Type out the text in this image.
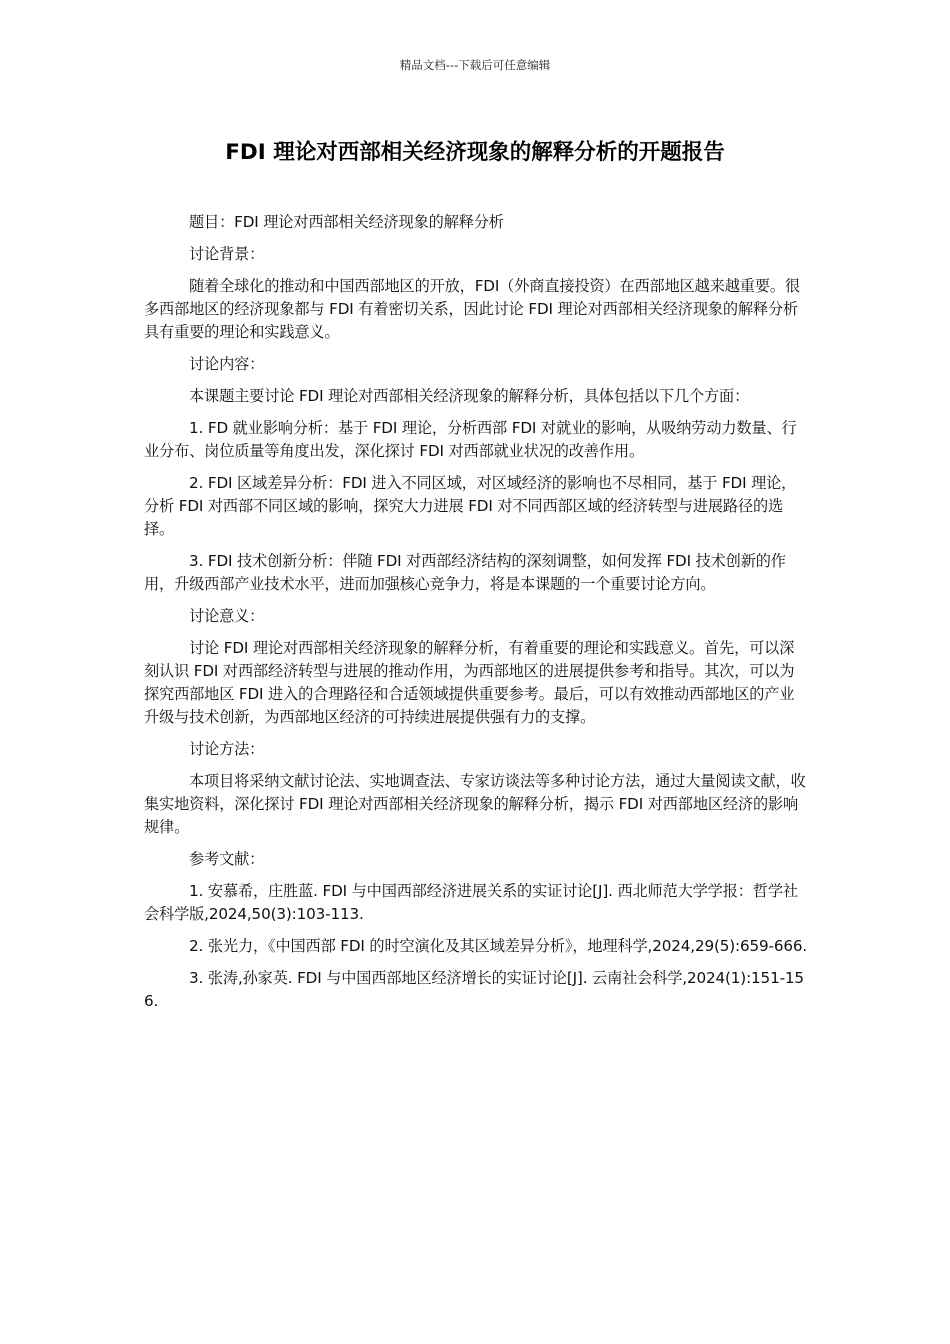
精品文档---下载后可任意编辑
FDI 理论对西部相关经济现象的解释分析的开题报告

题目：FDI 理论对西部相关经济现象的解释分析

讨论背景：

随着全球化的推动和中国西部地区的开放，FDI（外商直接投资）在西部地区越来越重要。很多西部地区的经济现象都与 FDI 有着密切关系，因此讨论 FDI 理论对西部相关经济现象的解释分析具有重要的理论和实践意义。

讨论内容：

本课题主要讨论 FDI 理论对西部相关经济现象的解释分析，具体包括以下几个方面：

1. FD 就业影响分析：基于 FDI 理论，分析西部 FDI 对就业的影响，从吸纳劳动力数量、行业分布、岗位质量等角度出发，深化探讨 FDI 对西部就业状况的改善作用。

2. FDI 区域差异分析：FDI 进入不同区域，对区域经济的影响也不尽相同，基于 FDI 理论，分析 FDI 对西部不同区域的影响，探究大力进展 FDI 对不同西部区域的经济转型与进展路径的选择。

3. FDI 技术创新分析：伴随 FDI 对西部经济结构的深刻调整，如何发挥 FDI 技术创新的作用，升级西部产业技术水平，进而加强核心竞争力，将是本课题的一个重要讨论方向。

讨论意义：

讨论 FDI 理论对西部相关经济现象的解释分析，有着重要的理论和实践意义。首先，可以深刻认识 FDI 对西部经济转型与进展的推动作用，为西部地区的进展提供参考和指导。其次，可以为探究西部地区 FDI 进入的合理路径和合适领域提供重要参考。最后，可以有效推动西部地区的产业升级与技术创新，为西部地区经济的可持续进展提供强有力的支撑。

讨论方法：

本项目将采纳文献讨论法、实地调查法、专家访谈法等多种讨论方法，通过大量阅读文献，收集实地资料，深化探讨 FDI 理论对西部相关经济现象的解释分析，揭示 FDI 对西部地区经济的影响规律。

参考文献：

1. 安慕希，庄胜蓝. FDI 与中国西部经济进展关系的实证讨论[J]. 西北师范大学学报：哲学社会科学版,2024,50(3):103-113.

2. 张光力，《中国西部 FDI 的时空演化及其区域差异分析》，地理科学,2024,29(5):659-666.

3. 张涛,孙家英. FDI 与中国西部地区经济增长的实证讨论[J]. 云南社会科学,2024(1):151-156.
